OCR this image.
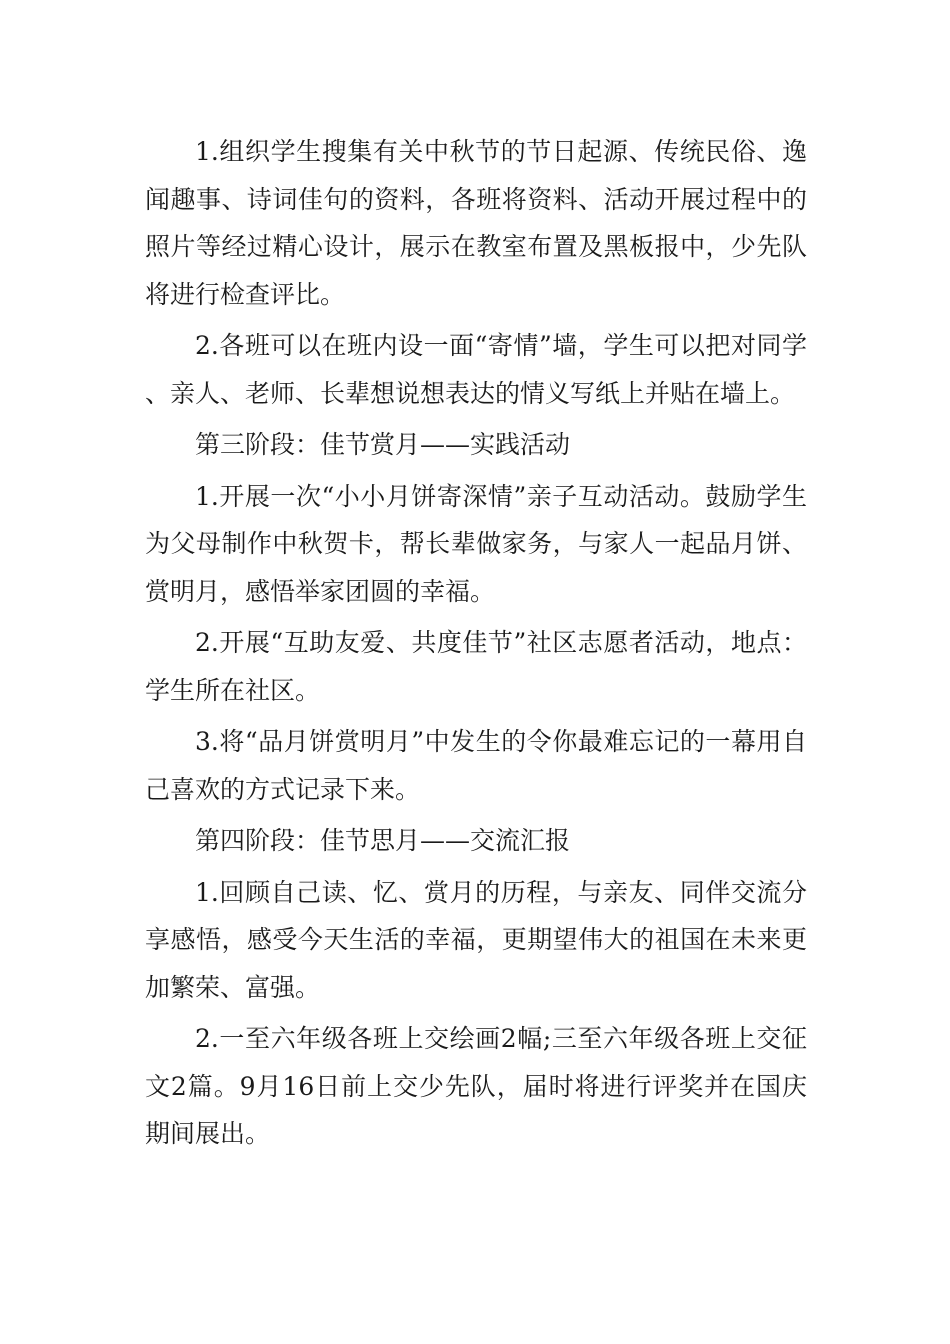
1.组织学生搜集有关中秋节的节日起源、传统民俗、逸闻趣事、诗词佳句的资料，各班将资料、活动开展过程中的照片等经过精心设计，展示在教室布置及黑板报中，少先队将进行检查评比。

2.各班可以在班内设一面“寄情”墙，学生可以把对同学、亲人、老师、长辈想说想表达的情义写纸上并贴在墙上。

第三阶段：佳节赏月——实践活动

1.开展一次“小小月饼寄深情”亲子互动活动。鼓励学生为父母制作中秋贺卡，帮长辈做家务，与家人一起品月饼、赏明月，感悟举家团圆的幸福。

2.开展“互助友爱、共度佳节”社区志愿者活动，地点：学生所在社区。

3.将“品月饼赏明月”中发生的令你最难忘记的一幕用自己喜欢的方式记录下来。

第四阶段：佳节思月——交流汇报

1.回顾自己读、忆、赏月的历程，与亲友、同伴交流分享感悟，感受今天生活的幸福，更期望伟大的祖国在未来更加繁荣、富强。

2.一至六年级各班上交绘画2幅;三至六年级各班上交征文2篇。9月16日前上交少先队，届时将进行评奖并在国庆期间展出。
